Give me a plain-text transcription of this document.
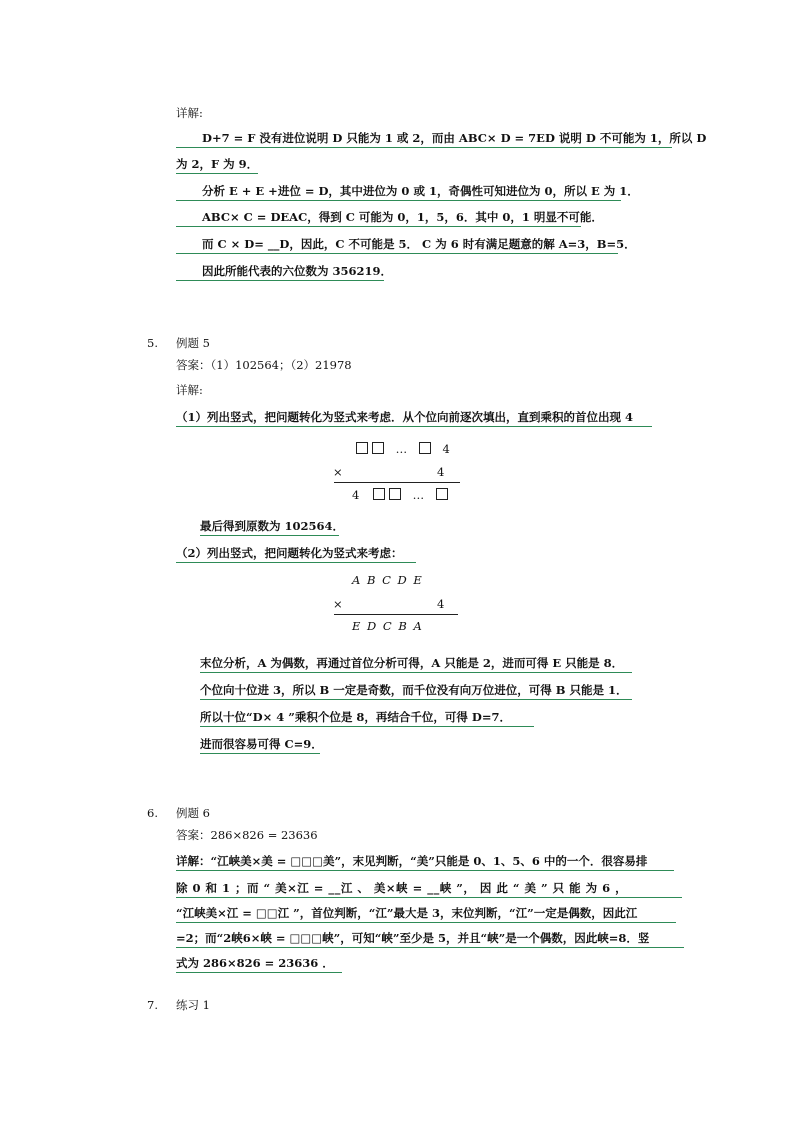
详解:
D+7 = F 没有进位说明 D 只能为 1 或 2，而由 ABC× D = 7ED 说明 D 不可能为 1，所以 D
为 2，F 为 9．
分析 E + E +进位 = D，其中进位为 0 或 1，奇偶性可知进位为 0，所以 E 为 1．
ABC× C = DEAC，得到 C 可能为 0，1，5，6．其中 0，1 明显不可能．
而 C × D= __D，因此，C 不可能是 5． C 为 6 时有满足题意的解 A=3，B=5．
因此所能代表的六位数为 356219．
5. 例题 5
答案：（1）102564；（2）21978
详解:
（1）列出竖式，把问题转化为竖式来考虑．从个位向前逐次填出，直到乘积的首位出现 4
…	4
×	4
4	…
最后得到原数为 102564．
（2）列出竖式，把问题转化为竖式来考虑：
A B C D E
×	4
E D C B A
末位分析，A 为偶数，再通过首位分析可得，A 只能是 2，进而可得 E 只能是 8．
个位向十位进 3，所以 B 一定是奇数，而千位没有向万位进位，可得 B 只能是 1．
所以十位“D× 4 ”乘积个位是 8，再结合千位，可得 D=7．
进而很容易可得 C=9．
6. 例题 6
答案：286×826 = 23636
详解：“江峡美×美 = □□□美”，末见判断，“美”只能是 0、1、5、6 中的一个．很容易排
除 0 和 1 ；而 “ 美×江 = __江 、 美×峡 = __峡 ”， 因 此 “ 美 ” 只 能 为 6 ，
“江峡美×江 = □□江 ”，首位判断，“江”最大是 3，末位判断，“江”一定是偶数，因此江
=2；而“2峡6×峡 = □□□峡”，可知“峡”至少是 5，并且“峡”是一个偶数，因此峡=8．竖
式为 286×826 = 23636 ．
7. 练习 1
